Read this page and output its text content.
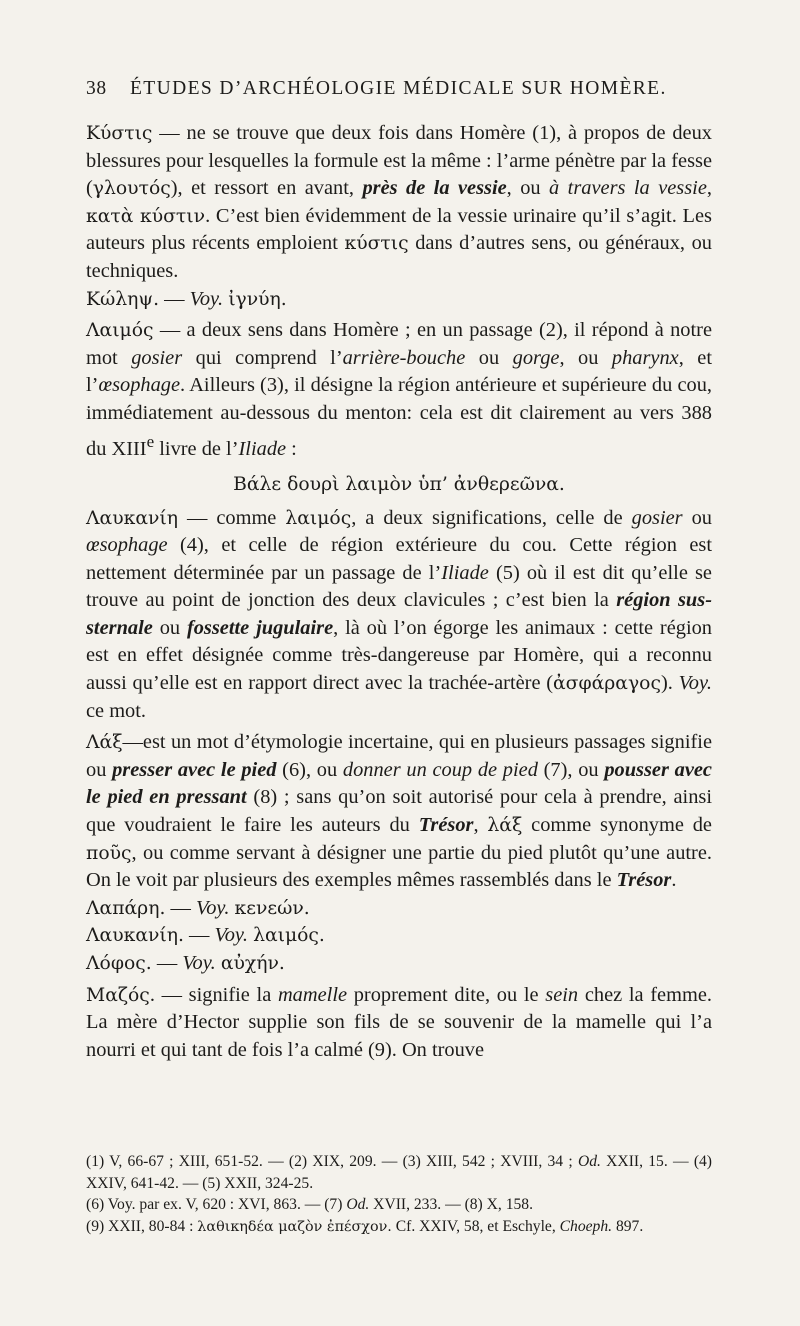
38 ÉTUDES D’ARCHÉOLOGIE MÉDICALE SUR HOMÈRE.

Κύστις — ne se trouve que deux fois dans Homère (1), à propos de deux blessures pour lesquelles la formule est la même : l’arme pénètre par la fesse (γλουτός), et ressort en avant, près de la vessie, ou à travers la vessie, κατὰ κύστιν. C’est bien évidemment de la vessie urinaire qu’il s’agit. Les auteurs plus récents emploient κύστις dans d’autres sens, ou généraux, ou techniques.

Κώληψ. — Voy. ἰγνύη.

Λαιμός — a deux sens dans Homère ; en un passage (2), il répond à notre mot gosier qui comprend l’arrière-bouche ou gorge, ou pharynx, et l’œsophage. Ailleurs (3), il désigne la région antérieure et supérieure du cou, immédiatement au-dessous du menton: cela est dit clairement au vers 388 du XIIIe livre de l’Iliade :

Βάλε δουρὶ λαιμὸν ὑπ’ ἀνθερεῶνα.

Λαυκανίη — comme λαιμός, a deux significations, celle de gosier ou œsophage (4), et celle de région extérieure du cou. Cette région est nettement déterminée par un passage de l’Iliade (5) où il est dit qu’elle se trouve au point de jonction des deux clavicules ; c’est bien la région sus-sternale ou fossette jugulaire, là où l’on égorge les animaux : cette région est en effet désignée comme très-dangereuse par Homère, qui a reconnu aussi qu’elle est en rapport direct avec la trachée-artère (ἀσφάραγος). Voy. ce mot.

Λάξ—est un mot d’étymologie incertaine, qui en plusieurs passages signifie ou presser avec le pied (6), ou donner un coup de pied (7), ou pousser avec le pied en pressant (8) ; sans qu’on soit autorisé pour cela à prendre, ainsi que voudraient le faire les auteurs du Trésor, λάξ comme synonyme de ποῦς, ou comme servant à désigner une partie du pied plutôt qu’une autre. On le voit par plusieurs des exemples mêmes rassemblés dans le Trésor.

Λαπάρη. — Voy. κενεών.

Λαυκανίη. — Voy. λαιμός.

Λόφος. — Voy. αὐχήν.

Μαζός. — signifie la mamelle proprement dite, ou le sein chez la femme. La mère d’Hector supplie son fils de se souvenir de la mamelle qui l’a nourri et qui tant de fois l’a calmé (9). On trouve

(1) V, 66-67 ; XIII, 651-52. — (2) XIX, 209. — (3) XIII, 542 ; XVIII, 34 ; Od. XXII, 15. — (4) XXIV, 641-42. — (5) XXII, 324-25.

(6) Voy. par ex. V, 620 : XVI, 863. — (7) Od. XVII, 233. — (8) X, 158.

(9) XXII, 80-84 : λαθικηδέα μαζὸν ἐπέσχον. Cf. XXIV, 58, et Eschyle, Choeph. 897.
